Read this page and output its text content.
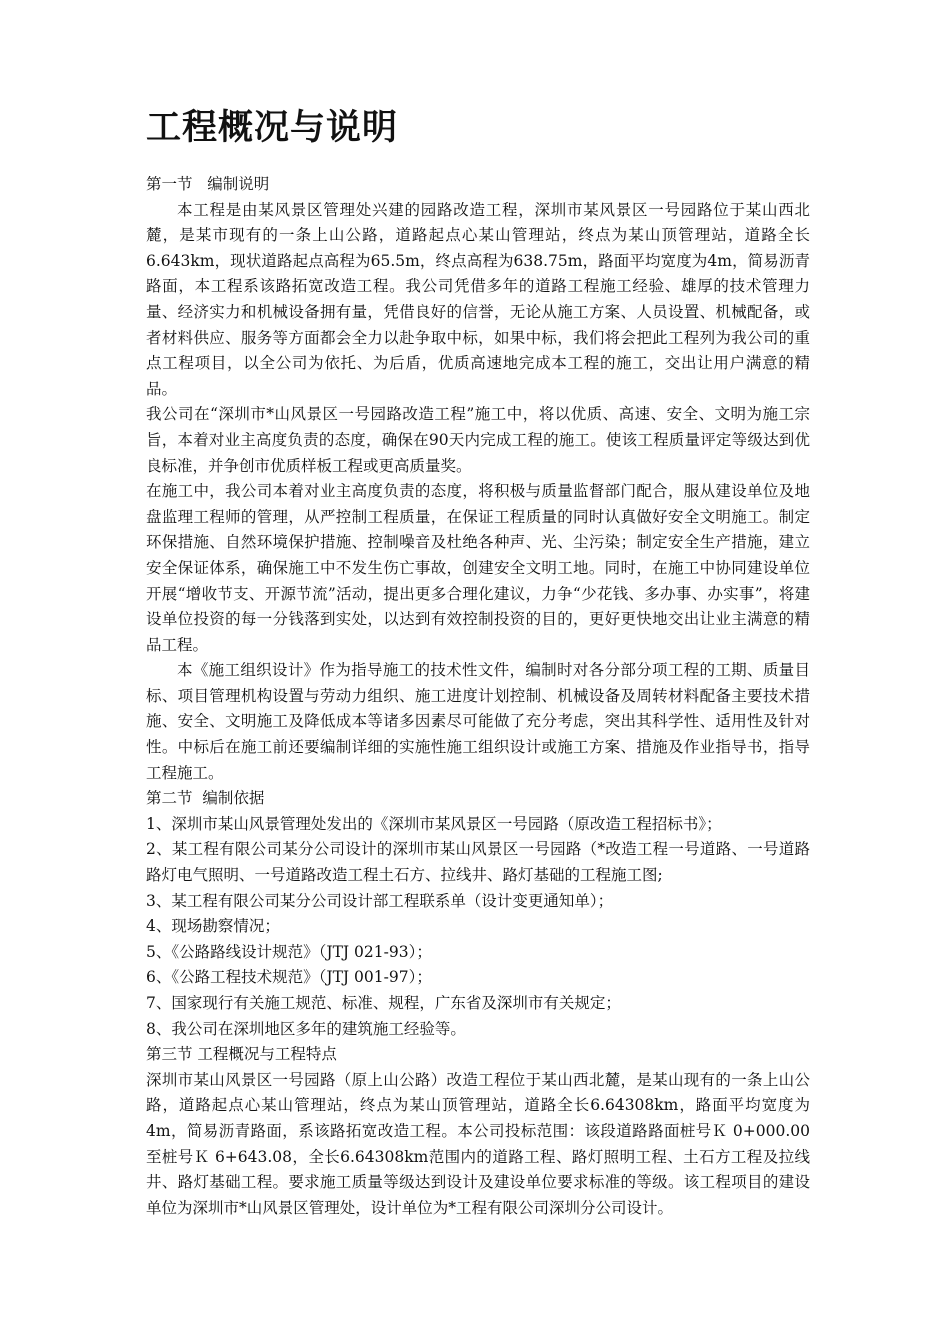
工程概况与说明

第一节   编制说明

本工程是由某风景区管理处兴建的园路改造工程，深圳市某风景区一号园路位于某山西北麓，是某市现有的一条上山公路，道路起点心某山管理站，终点为某山顶管理站，道路全长6.643km，现状道路起点高程为65.5m，终点高程为638.75m，路面平均宽度为4m，简易沥青路面，本工程系该路拓宽改造工程。我公司凭借多年的道路工程施工经验、雄厚的技术管理力量、经济实力和机械设备拥有量，凭借良好的信誉，无论从施工方案、人员设置、机械配备，或者材料供应、服务等方面都会全力以赴争取中标，如果中标，我们将会把此工程列为我公司的重点工程项目，以全公司为依托、为后盾，优质高速地完成本工程的施工，交出让用户满意的精品。

我公司在“深圳市*山风景区一号园路改造工程”施工中，将以优质、高速、安全、文明为施工宗旨，本着对业主高度负责的态度，确保在90天内完成工程的施工。使该工程质量评定等级达到优良标准，并争创市优质样板工程或更高质量奖。

在施工中，我公司本着对业主高度负责的态度，将积极与质量监督部门配合，服从建设单位及地盘监理工程师的管理，从严控制工程质量，在保证工程质量的同时认真做好安全文明施工。制定环保措施、自然环境保护措施、控制噪音及杜绝各种声、光、尘污染；制定安全生产措施，建立安全保证体系，确保施工中不发生伤亡事故，创建安全文明工地。同时，在施工中协同建设单位开展“增收节支、开源节流”活动，提出更多合理化建议，力争“少花钱、多办事、办实事”，将建设单位投资的每一分钱落到实处，以达到有效控制投资的目的，更好更快地交出让业主满意的精品工程。

本《施工组织设计》作为指导施工的技术性文件，编制时对各分部分项工程的工期、质量目标、项目管理机构设置与劳动力组织、施工进度计划控制、机械设备及周转材料配备主要技术措施、安全、文明施工及降低成本等诸多因素尽可能做了充分考虑，突出其科学性、适用性及针对性。中标后在施工前还要编制详细的实施性施工组织设计或施工方案、措施及作业指导书，指导工程施工。

第二节  编制依据

1、深圳市某山风景管理处发出的《深圳市某风景区一号园路（原改造工程招标书》；

2、某工程有限公司某分公司设计的深圳市某山风景区一号园路（*改造工程一号道路、一号道路路灯电气照明、一号道路改造工程土石方、拉线井、路灯基础的工程施工图;

3、某工程有限公司某分公司设计部工程联系单（设计变更通知单）；

4、现场勘察情况；

5、《公路路线设计规范》（JTJ 021-93）；

6、《公路工程技术规范》（JTJ 001-97）；

7、国家现行有关施工规范、标准、规程，广东省及深圳市有关规定；

8、我公司在深圳地区多年的建筑施工经验等。

第三节 工程概况与工程特点

深圳市某山风景区一号园路（原上山公路）改造工程位于某山西北麓，是某山现有的一条上山公路，道路起点心某山管理站，终点为某山顶管理站，道路全长6.64308km，路面平均宽度为4m，简易沥青路面，系该路拓宽改造工程。本公司投标范围：该段道路路面桩号Ｋ 0+000.00至桩号Ｋ 6+643.08，全长6.64308km范围内的道路工程、路灯照明工程、土石方工程及拉线井、路灯基础工程。要求施工质量等级达到设计及建设单位要求标准的等级。该工程项目的建设单位为深圳市*山风景区管理处，设计单位为*工程有限公司深圳分公司设计。
